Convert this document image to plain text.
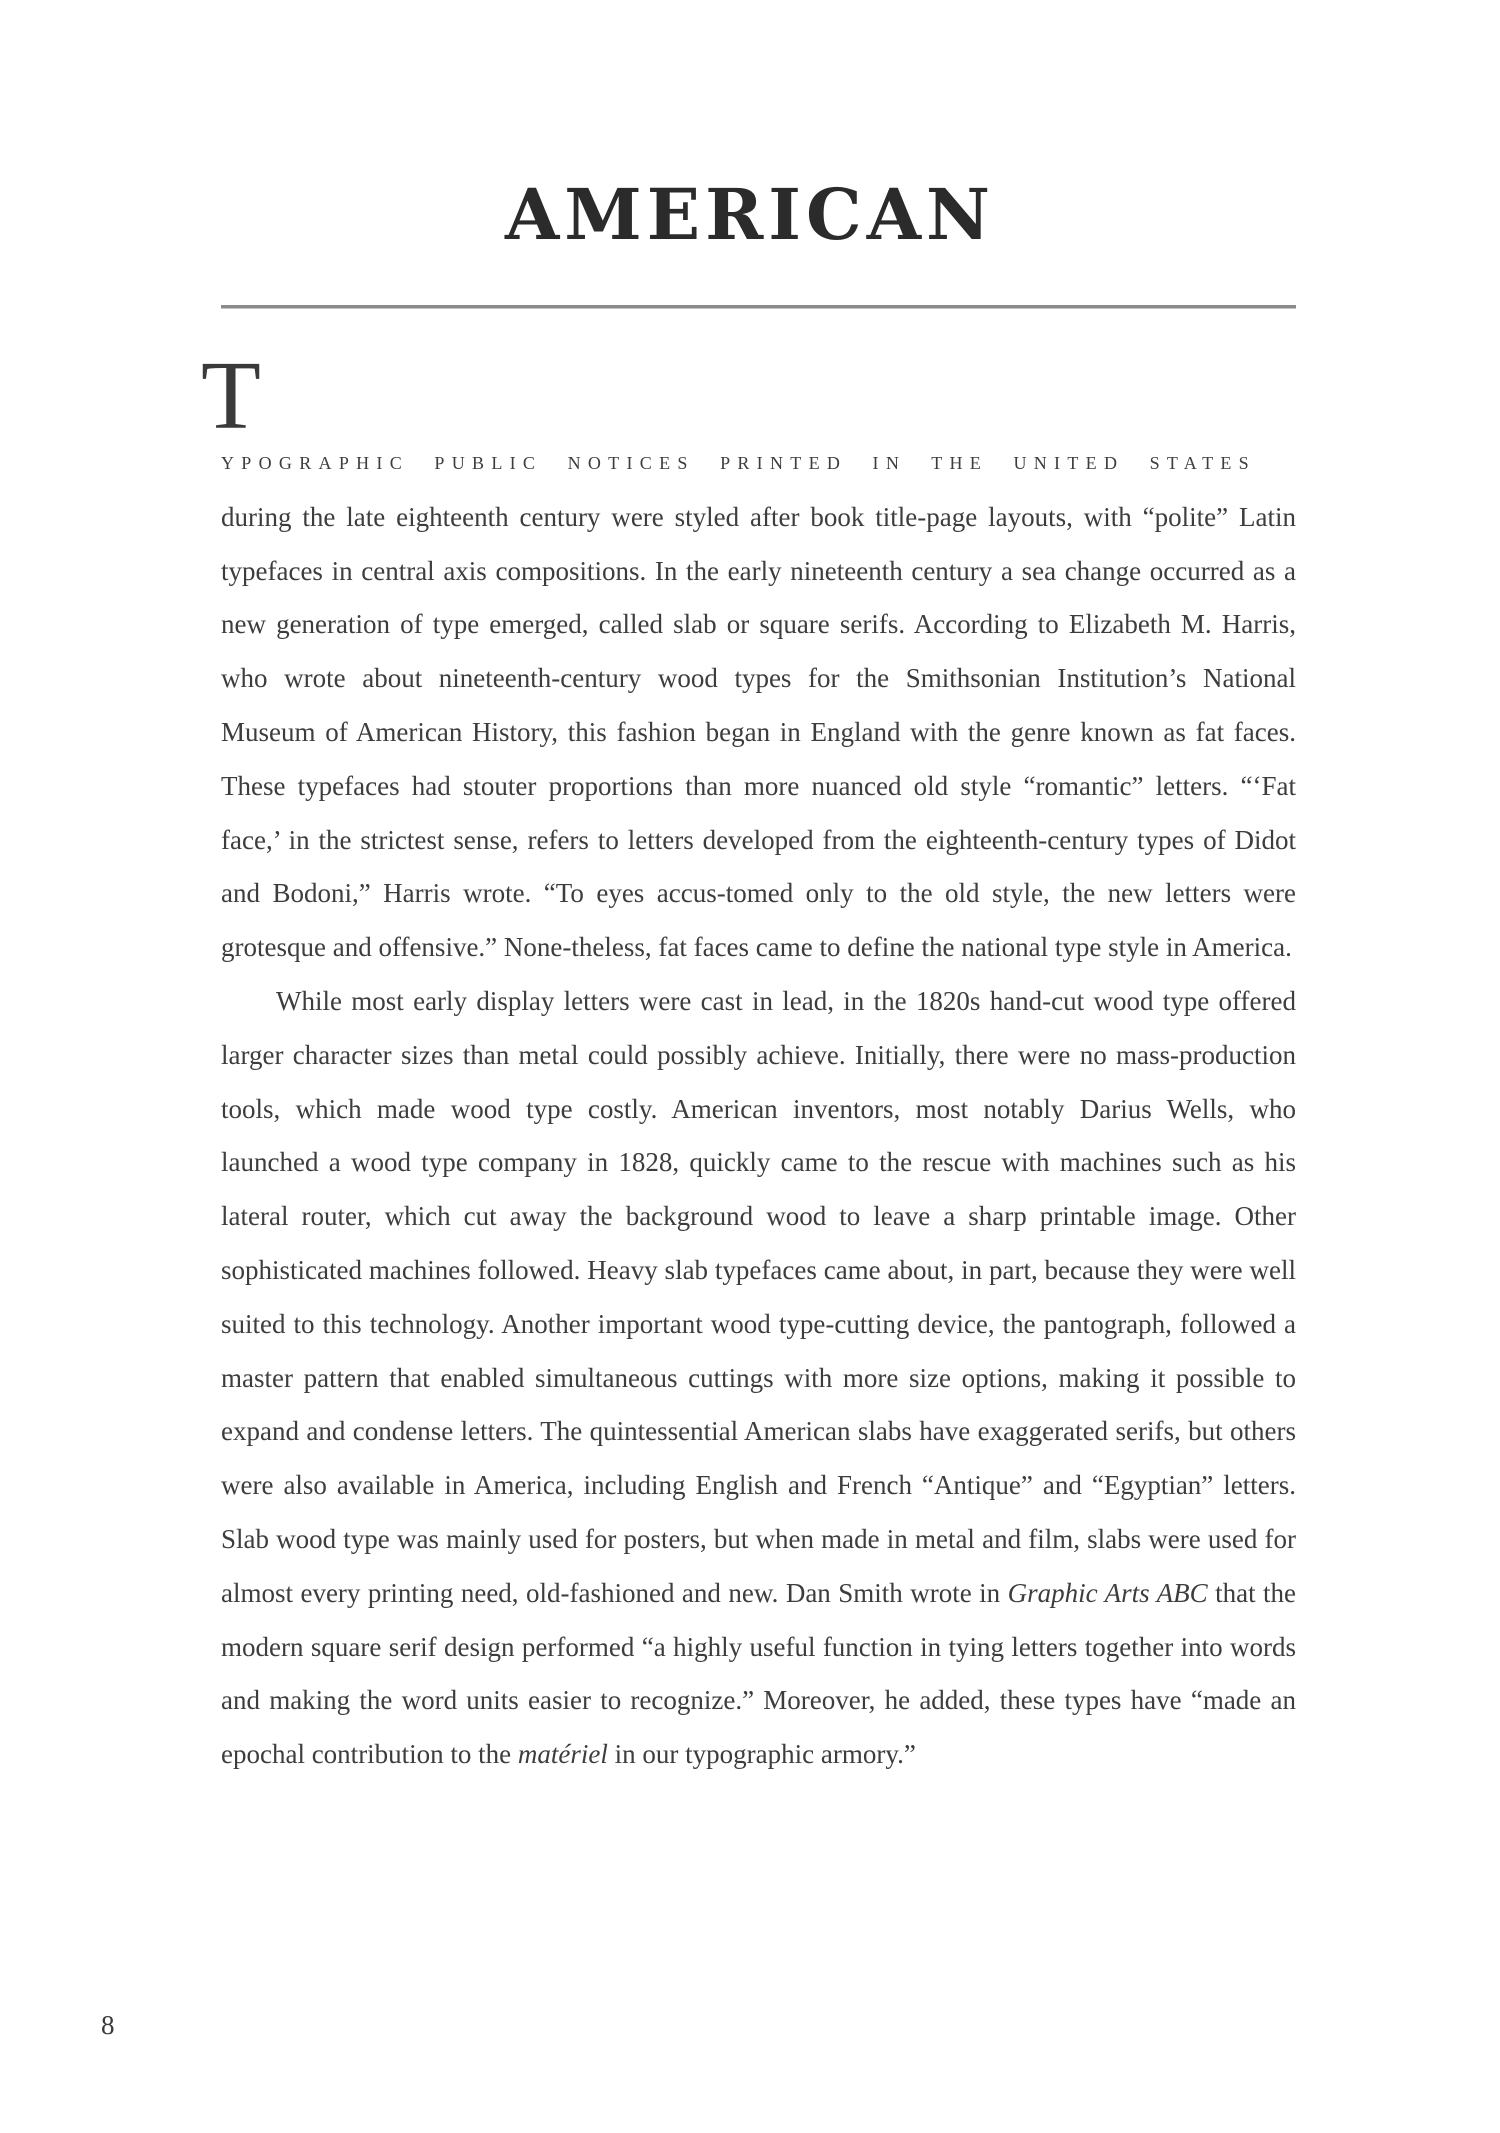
AMERICAN

T
YPOGRAPHIC PUBLIC NOTICES PRINTED IN THE UNITED STATES during the late eighteenth century were styled after book title-page layouts, with “polite” Latin typefaces in central axis compositions. In the early nineteenth century a sea change occurred as a new generation of type emerged, called slab or square serifs. According to Elizabeth M. Harris, who wrote about nineteenth-century wood types for the Smithsonian Institution’s National Museum of American History, this fashion began in England with the genre known as fat faces. These typefaces had stouter proportions than more nuanced old style “romantic” letters. “‘Fat face,’ in the strictest sense, refers to letters developed from the eighteenth-century types of Didot and Bodoni,” Harris wrote. “To eyes accus-tomed only to the old style, the new letters were grotesque and offensive.” None-theless, fat faces came to define the national type style in America.

While most early display letters were cast in lead, in the 1820s hand-cut wood type offered larger character sizes than metal could possibly achieve. Initially, there were no mass-production tools, which made wood type costly. American inventors, most notably Darius Wells, who launched a wood type company in 1828, quickly came to the rescue with machines such as his lateral router, which cut away the background wood to leave a sharp printable image. Other sophisticated machines followed. Heavy slab typefaces came about, in part, because they were well suited to this technology. Another important wood type-cutting device, the pantograph, followed a master pattern that enabled simultaneous cuttings with more size options, making it possible to expand and condense letters. The quintessential American slabs have exaggerated serifs, but others were also available in America, including English and French “Antique” and “Egyptian” letters. Slab wood type was mainly used for posters, but when made in metal and film, slabs were used for almost every printing need, old-fashioned and new. Dan Smith wrote in Graphic Arts ABC that the modern square serif design performed “a highly useful function in tying letters together into words and making the word units easier to recognize.” Moreover, he added, these types have “made an epochal contribution to the matériel in our typographic armory.”

8
